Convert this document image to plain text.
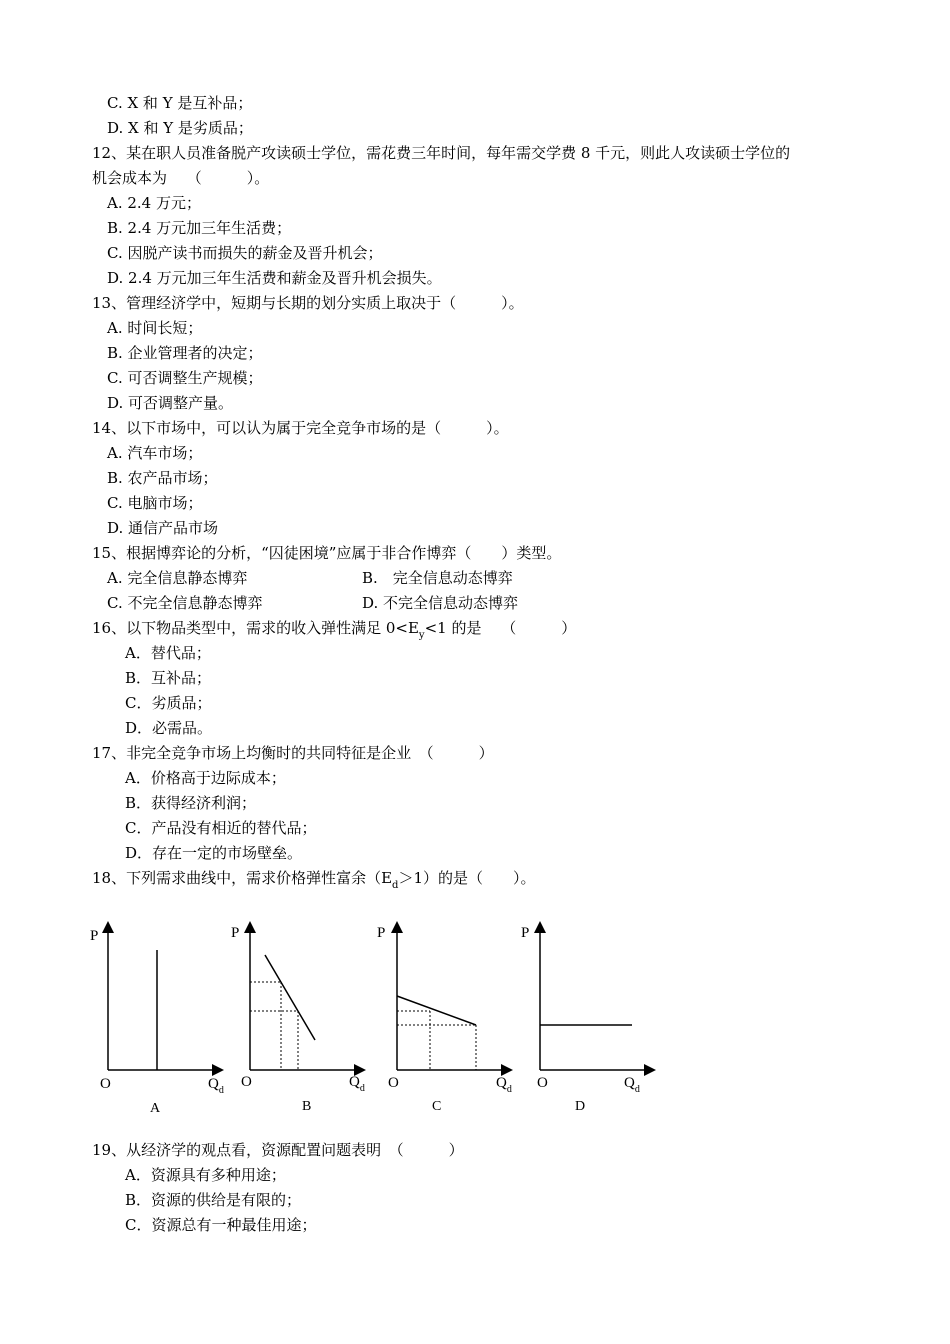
C. X 和 Y 是互补品；
D. X 和 Y 是劣质品；
12、某在职人员准备脱产攻读硕士学位，需花费三年时间，每年需交学费 8 千元，则此人攻读硕士学位的
机会成本为　 （　　　）。
A. 2.4 万元；
B. 2.4 万元加三年生活费；
C. 因脱产读书而损失的薪金及晋升机会；
D. 2.4 万元加三年生活费和薪金及晋升机会损失。
13、管理经济学中，短期与长期的划分实质上取决于（　　　）。
A. 时间长短；
B. 企业管理者的决定；
C. 可否调整生产规模；
D. 可否调整产量。
14、以下市场中，可以认为属于完全竞争市场的是（　　　）。
A. 汽车市场；
B. 农产品市场；
C. 电脑市场；
D. 通信产品市场
15、根据博弈论的分析，“囚徒困境”应属于非合作博弈（　　）类型。
A. 完全信息静态博弈	B.　完全信息动态博弈
C. 不完全信息静态博弈	D. 不完全信息动态博弈
16、以下物品类型中，需求的收入弹性满足 $0<E_y<1$ 的是　 （　　　）
A．替代品；
B．互补品；
C．劣质品；
D．必需品。
17、非完全竞争市场上均衡时的共同特征是企业　（　　　）
A．价格高于边际成本；
B．获得经济利润；
C．产品没有相近的替代品；
D．存在一定的市场壁垒。
18、下列需求曲线中，需求价格弹性富余$(E_d>1)$的是（　　）。
P
O	$Q_d$
A
P
O	$Q_d$
B
P
O	$Q_d$
C
P
O	$Q_d$
D
19、从经济学的观点看，资源配置问题表明　（　　　）
A．资源具有多种用途；
B．资源的供给是有限的；
C．资源总有一种最佳用途；
